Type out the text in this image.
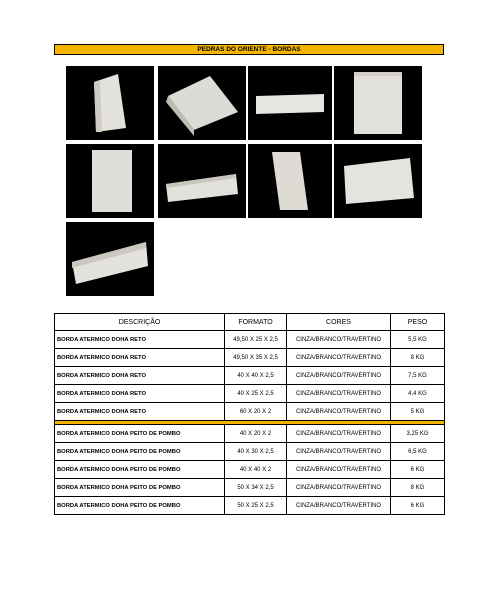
PEDRAS DO ORIENTE - BORDAS
DESCRIÇÃO	FORMATO	CORES	PESO
BORDA ATERMICO DOHA RETO	49,50 X 25 X 2,5	CINZA/BRANCO/TRAVERTINO	5,5 KG
BORDA ATERMICO DOHA RETO	49,50 X 35 X 2,5	CINZA/BRANCO/TRAVERTINO	8 KG
BORDA ATERMICO DOHA RETO	40 X 40 X 2,5	CINZA/BRANCO/TRAVERTINO	7,5 KG
BORDA ATERMICO DOHA RETO	40 X 25 X 2,5	CINZA/BRANCO/TRAVERTINO	4,4 KG
BORDA ATERMICO DOHA RETO	60 X 20 X 2	CINZA/BRANCO/TRAVERTINO	5 KG

BORDA ATERMICO DOHA PEITO DE POMBO	40 X 20 X 2	CINZA/BRANCO/TRAVERTINO	3,25 KG
BORDA ATERMICO DOHA PEITO DE POMBO	40 X 30 X 2,5	CINZA/BRANCO/TRAVERTINO	6,5 KG
BORDA ATERMICO DOHA PEITO DE POMBO	40 X 40 X 2	CINZA/BRANCO/TRAVERTINO	6 KG
BORDA ATERMICO DOHA PEITO DE POMBO	50 X 34 X 2,5	CINZA/BRANCO/TRAVERTINO	8 KG
BORDA ATERMICO DOHA PEITO DE POMBO	50 X 25 X 2,5	CINZA/BRANCO/TRAVERTINO	6 KG
